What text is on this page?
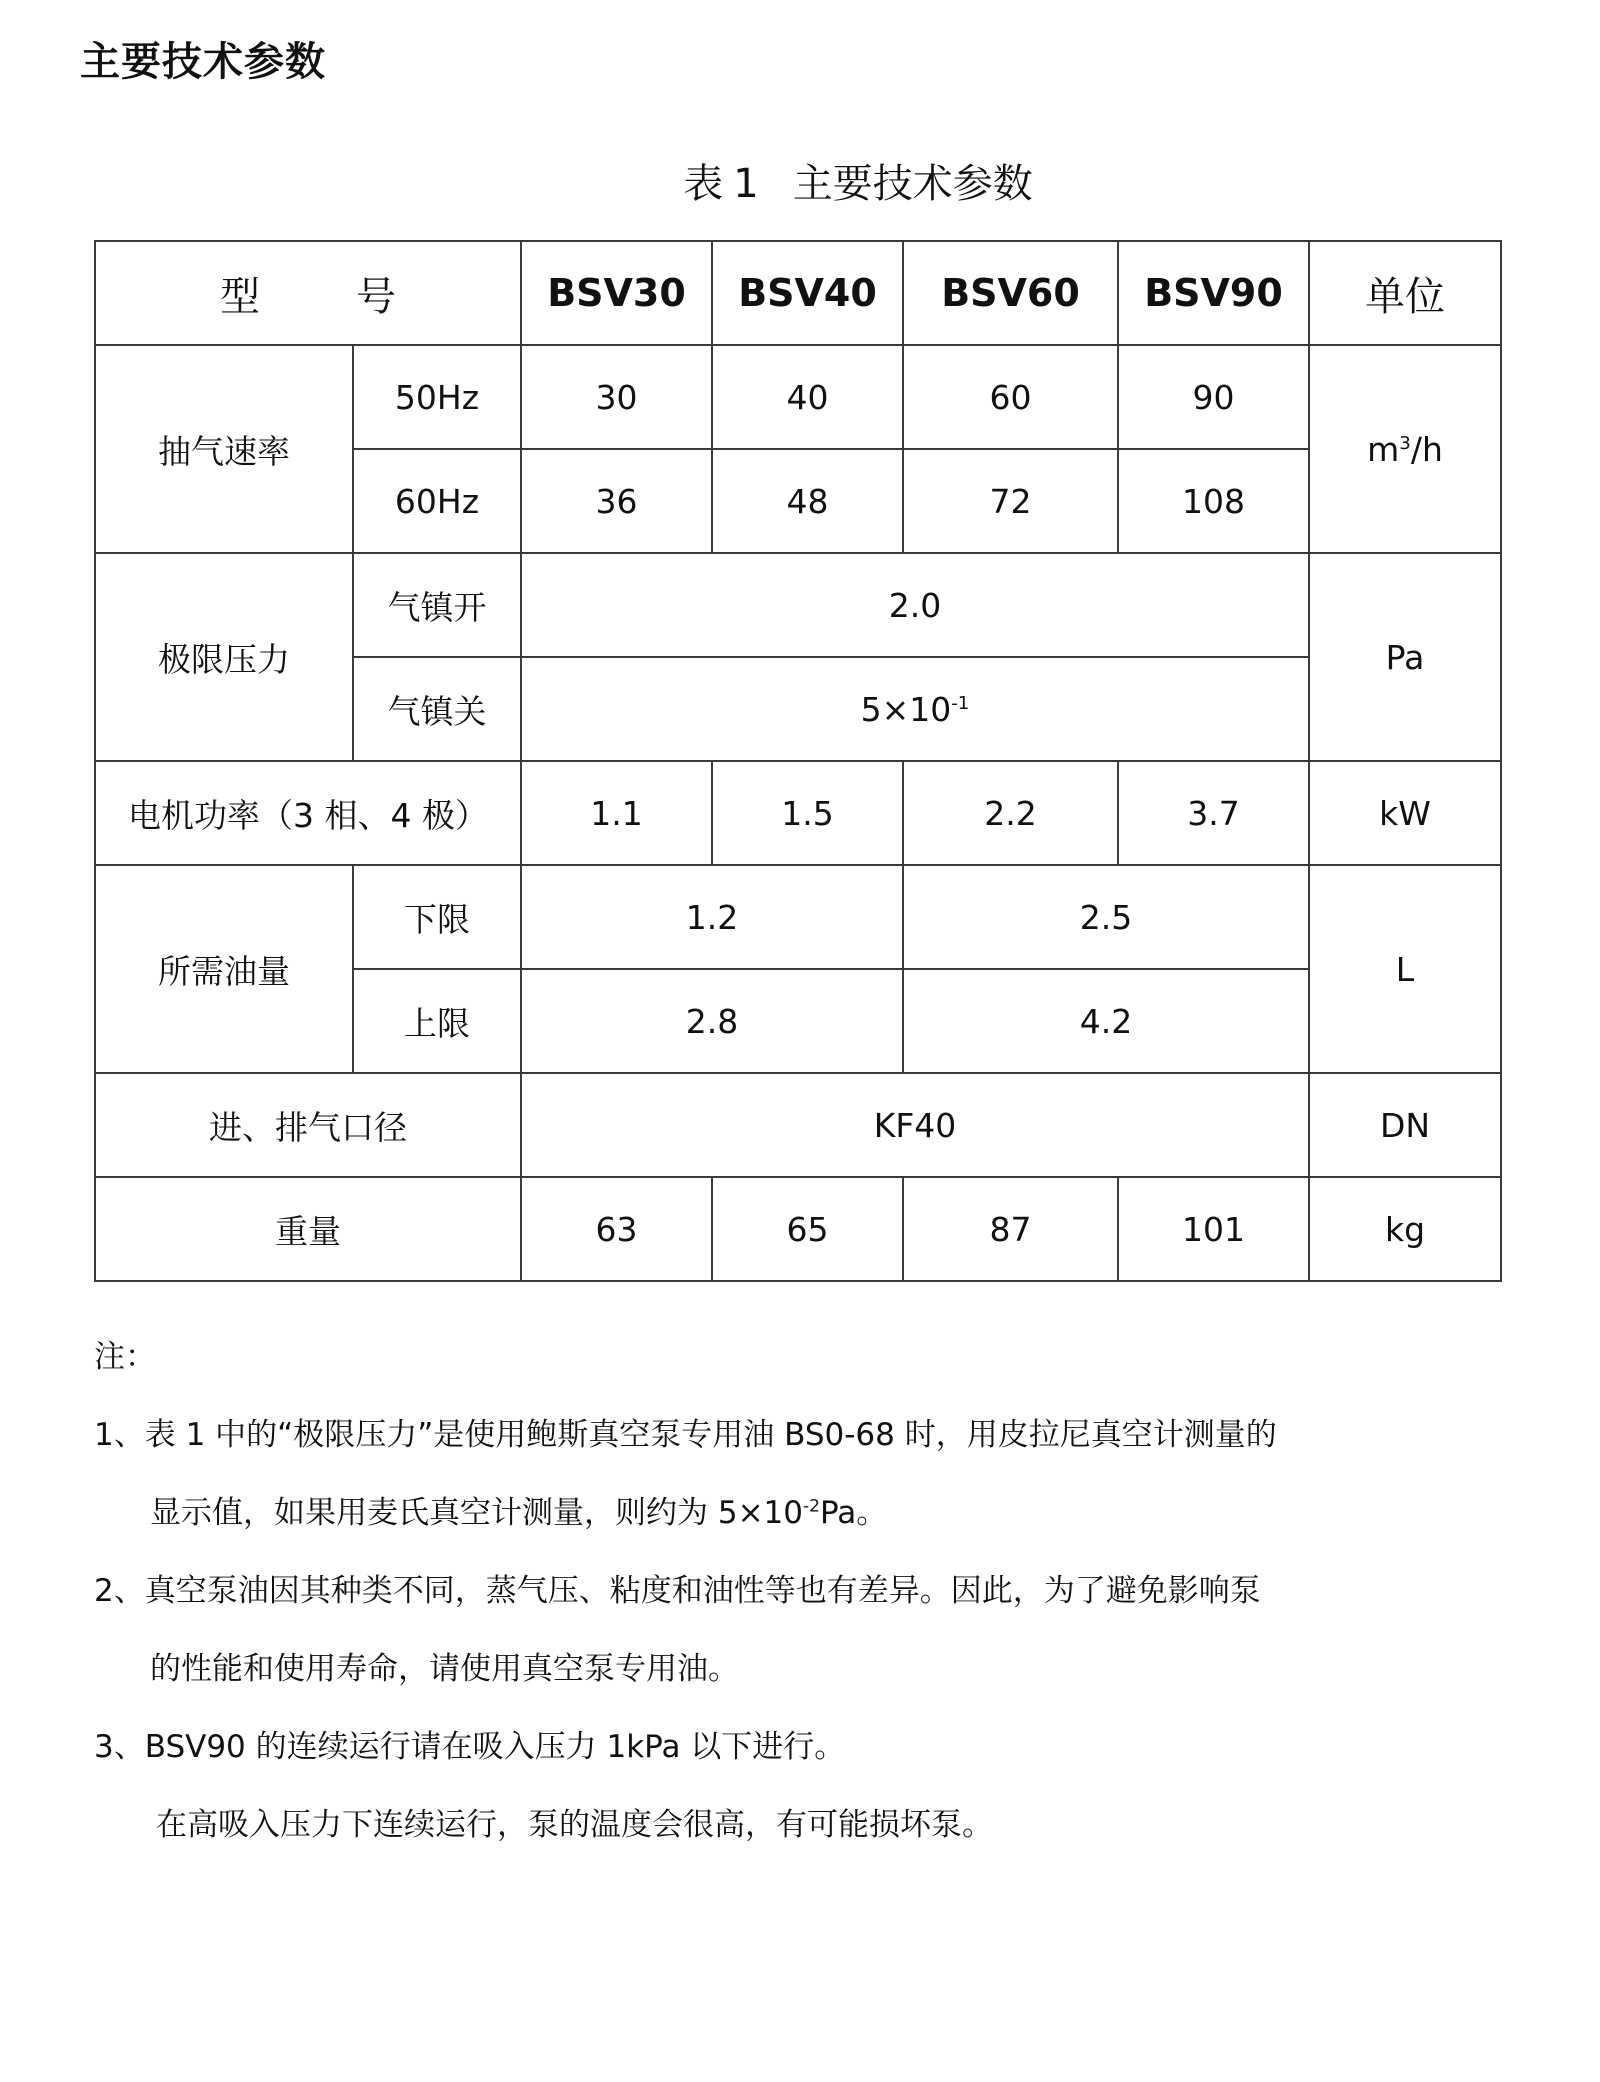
主要技术参数
表 1 主要技术参数
型 号		BSV30	BSV40	BSV60	BSV90	单位
抽气速率	50Hz	30	40	60	90	$m^3/h$
	60Hz	36	48	72	108	
极限压力	气镇开	2.0				Pa
	气镇关	$5\times 10^{-1}$
电机功率（3 相、4 极）		1.1	1.5	2.2	3.7	kW
所需油量	下限	1.2		2.5		L
	上限	2.8		4.2		
进、排气口径		KF40				DN
重量		63	65	87	101	kg
注：
1、表 1 中的“极限压力”是使用鲍斯真空泵专用油 BS0-68 时，用皮拉尼真空计测量的
显示值，如果用麦氏真空计测量，则约为 $5\times 10^{-2}Pa$。
2、真空泵油因其种类不同，蒸气压、粘度和油性等也有差异。因此，为了避免影响泵
的性能和使用寿命，请使用真空泵专用油。
3、BSV90 的连续运行请在吸入压力 1kPa 以下进行。
在高吸入压力下连续运行，泵的温度会很高，有可能损坏泵。
